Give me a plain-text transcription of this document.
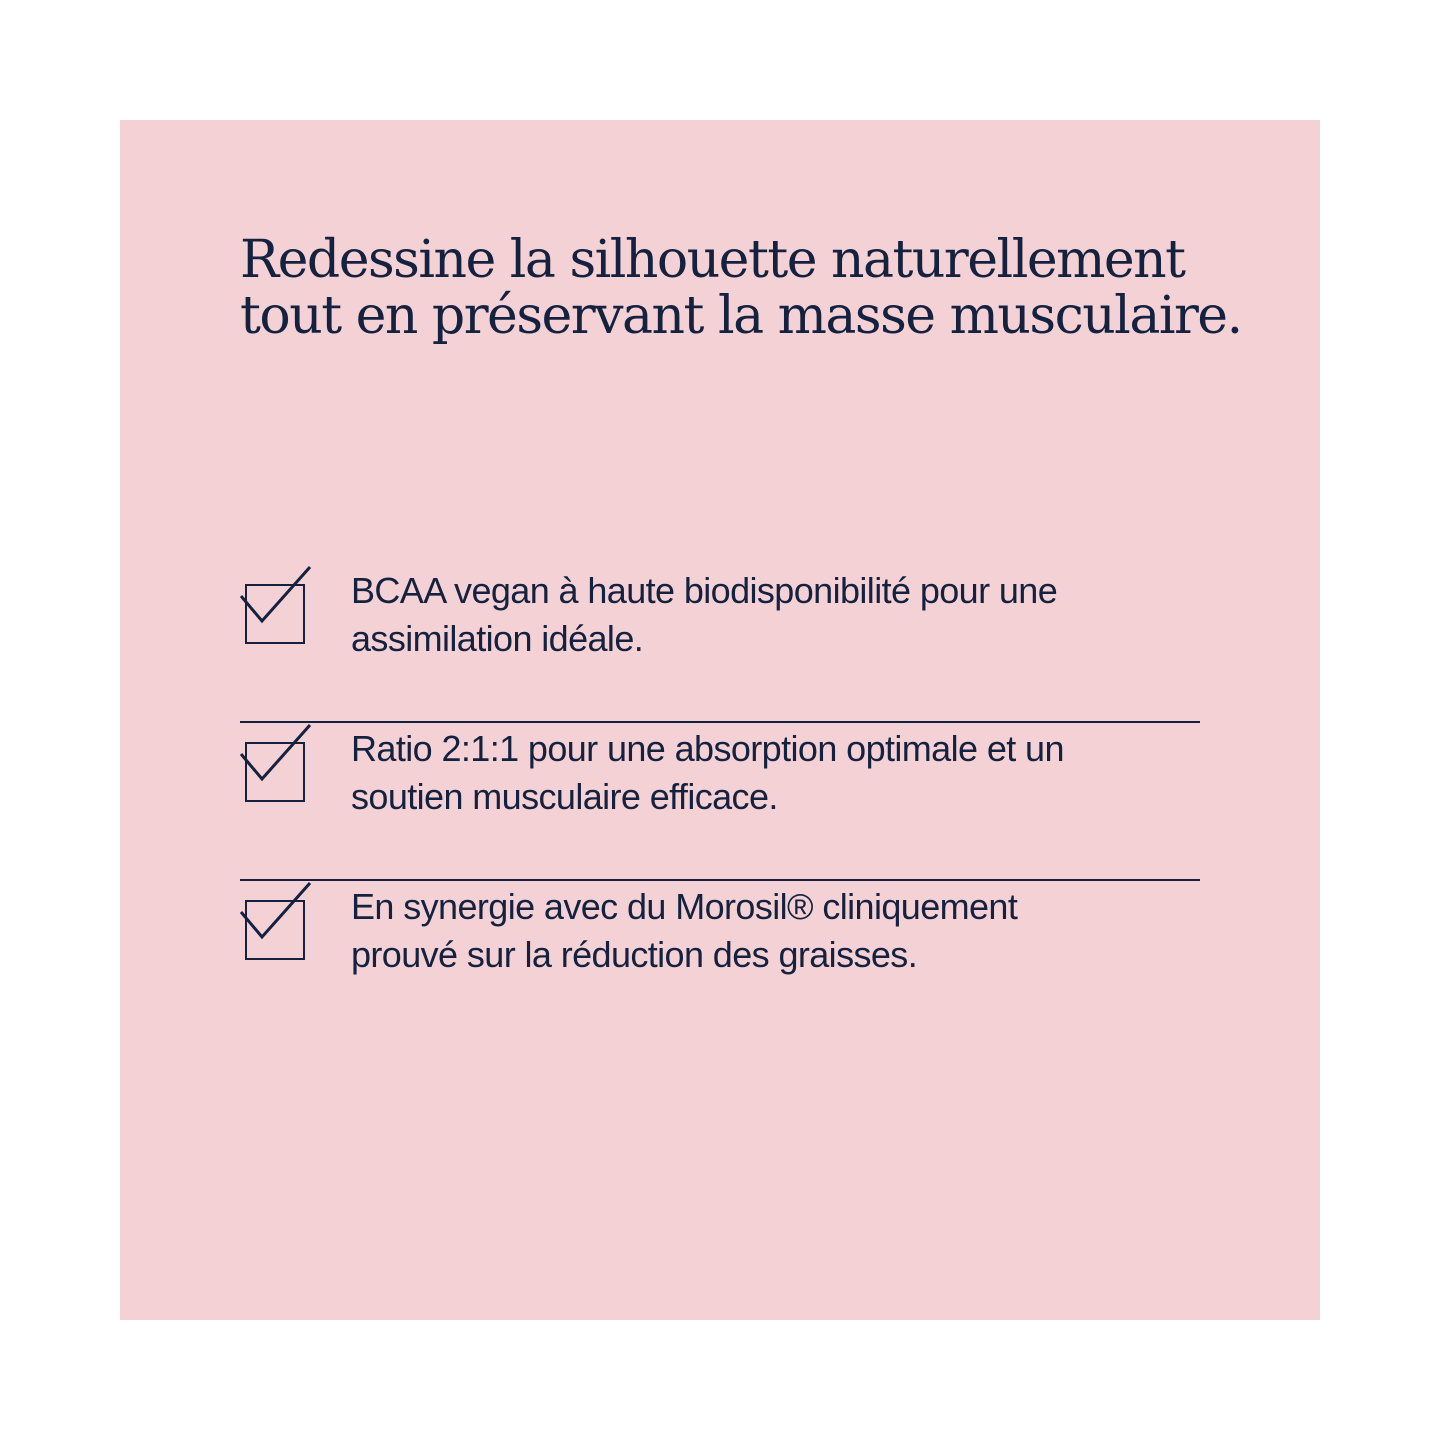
Redessine la silhouette naturellement
tout en préservant la masse musculaire.

BCAA vegan à haute biodisponibilité pour une
assimilation idéale.

Ratio 2:1:1 pour une absorption optimale et un
soutien musculaire efficace.

En synergie avec du Morosil® cliniquement
prouvé sur la réduction des graisses.
